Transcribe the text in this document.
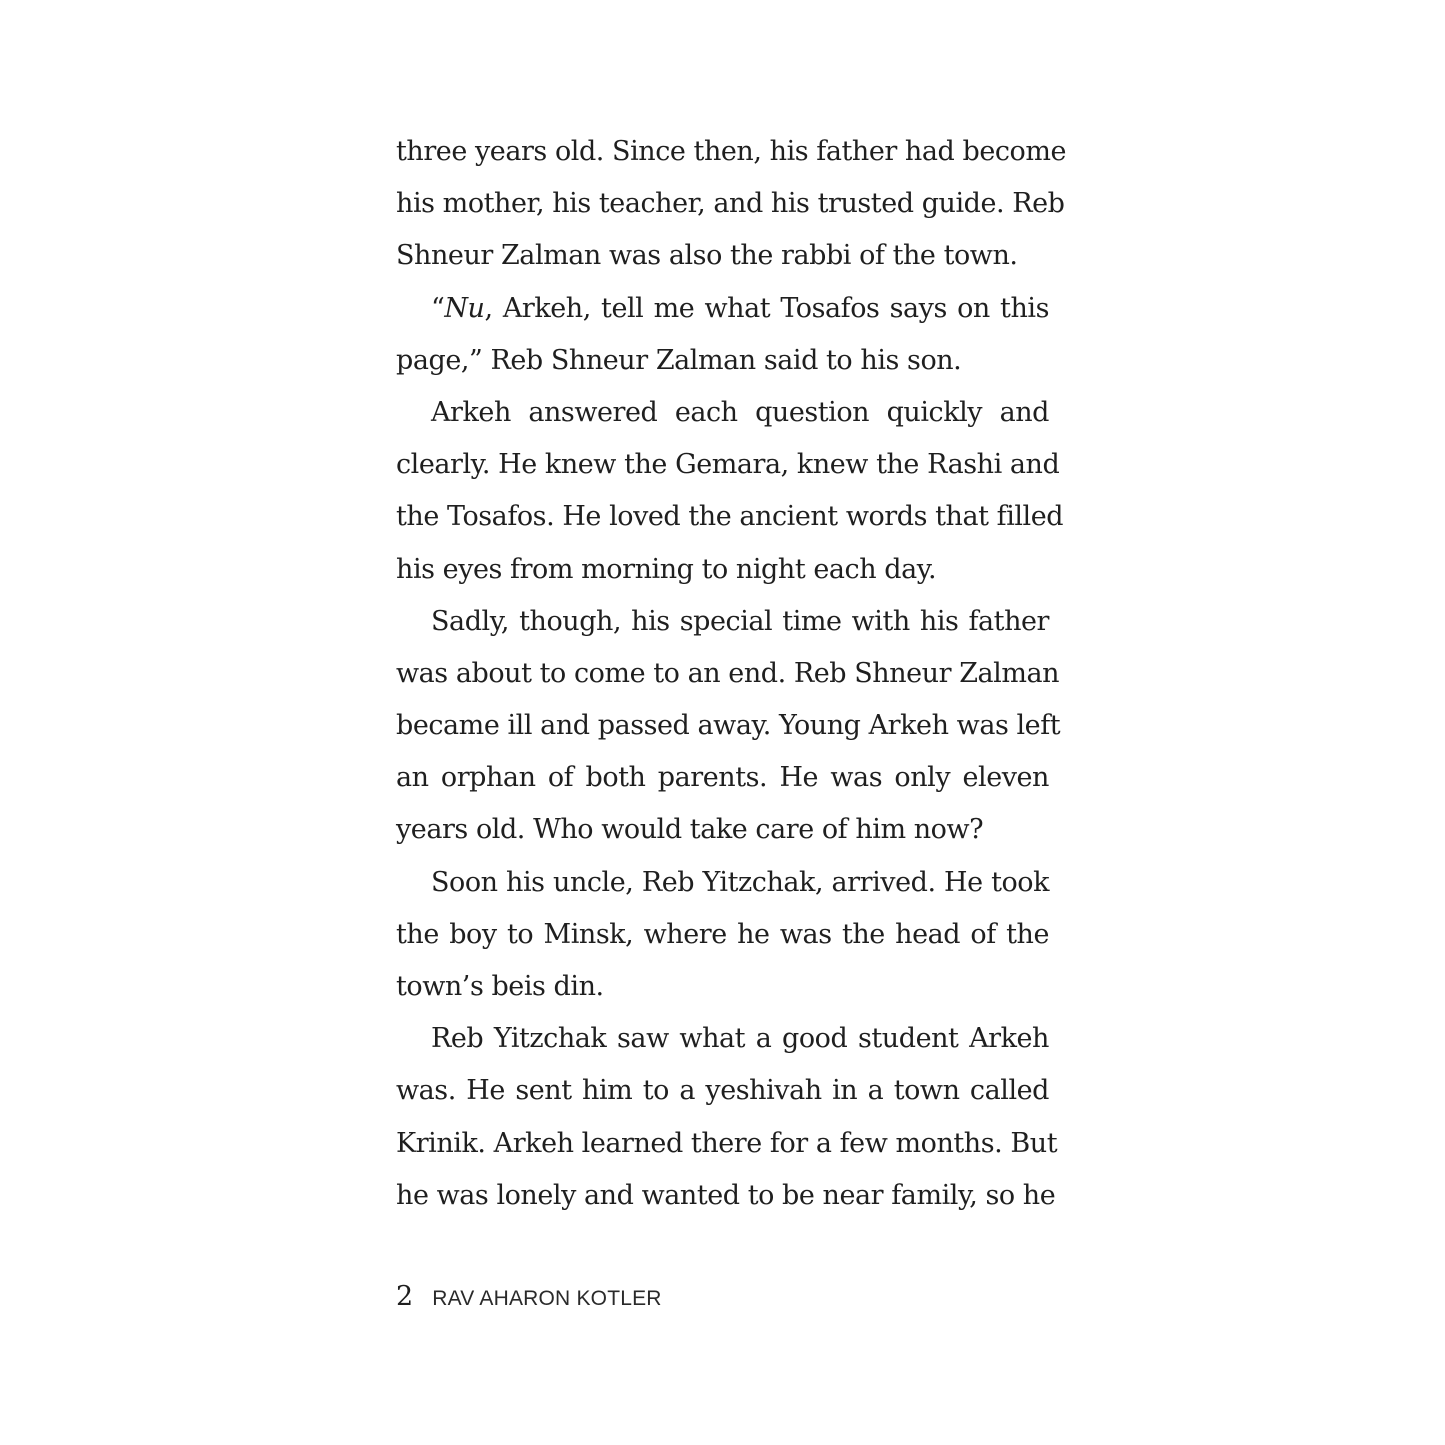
three years old. Since then, his father had become
his mother, his teacher, and his trusted guide. Reb
Shneur Zalman was also the rabbi of the town.
“Nu, Arkeh, tell me what Tosafos says on this
page,” Reb Shneur Zalman said to his son.
Arkeh answered each question quickly and
clearly. He knew the Gemara, knew the Rashi and
the Tosafos. He loved the ancient words that filled
his eyes from morning to night each day.
Sadly, though, his special time with his father
was about to come to an end. Reb Shneur Zalman
became ill and passed away. Young Arkeh was left
an orphan of both parents. He was only eleven
years old. Who would take care of him now?
Soon his uncle, Reb Yitzchak, arrived. He took
the boy to Minsk, where he was the head of the
town’s beis din.
Reb Yitzchak saw what a good student Arkeh
was. He sent him to a yeshivah in a town called
Krinik. Arkeh learned there for a few months. But
he was lonely and wanted to be near family, so he
2 RAV AHARON KOTLER
